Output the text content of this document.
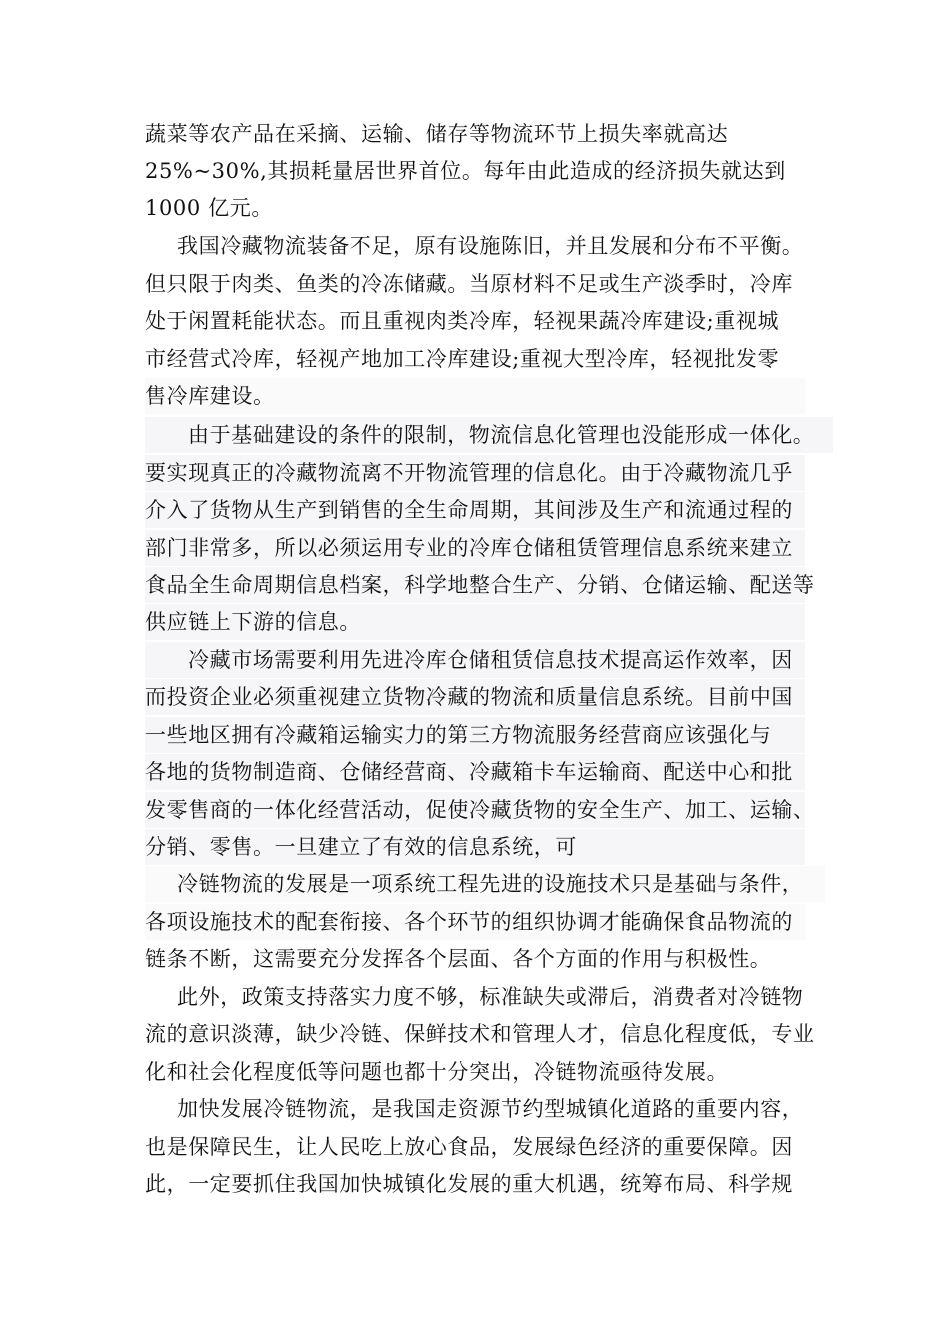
蔬菜等农产品在采摘、运输、储存等物流环节上损失率就高达
25%~30%,其损耗量居世界首位。每年由此造成的经济损失就达到
1000 亿元。
我国冷藏物流装备不足，原有设施陈旧，并且发展和分布不平衡。
但只限于肉类、鱼类的冷冻储藏。当原材料不足或生产淡季时，冷库
处于闲置耗能状态。而且重视肉类冷库，轻视果蔬冷库建设;重视城
市经营式冷库，轻视产地加工冷库建设;重视大型冷库，轻视批发零
售冷库建设。
由于基础建设的条件的限制，物流信息化管理也没能形成一体化。
要实现真正的冷藏物流离不开物流管理的信息化。由于冷藏物流几乎
介入了货物从生产到销售的全生命周期，其间涉及生产和流通过程的
部门非常多，所以必须运用专业的冷库仓储租赁管理信息系统来建立
食品全生命周期信息档案，科学地整合生产、分销、仓储运输、配送等
供应链上下游的信息。
冷藏市场需要利用先进冷库仓储租赁信息技术提高运作效率，因
而投资企业必须重视建立货物冷藏的物流和质量信息系统。目前中国
一些地区拥有冷藏箱运输实力的第三方物流服务经营商应该强化与
各地的货物制造商、仓储经营商、冷藏箱卡车运输商、配送中心和批
发零售商的一体化经营活动，促使冷藏货物的安全生产、加工、运输、
分销、零售。一旦建立了有效的信息系统，可
冷链物流的发展是一项系统工程先进的设施技术只是基础与条件，
各项设施技术的配套衔接、各个环节的组织协调才能确保食品物流的
链条不断，这需要充分发挥各个层面、各个方面的作用与积极性。
此外，政策支持落实力度不够，标准缺失或滞后，消费者对冷链物
流的意识淡薄，缺少冷链、保鲜技术和管理人才，信息化程度低，专业
化和社会化程度低等问题也都十分突出，冷链物流亟待发展。
加快发展冷链物流，是我国走资源节约型城镇化道路的重要内容，
也是保障民生，让人民吃上放心食品，发展绿色经济的重要保障。因
此，一定要抓住我国加快城镇化发展的重大机遇，统筹布局、科学规
